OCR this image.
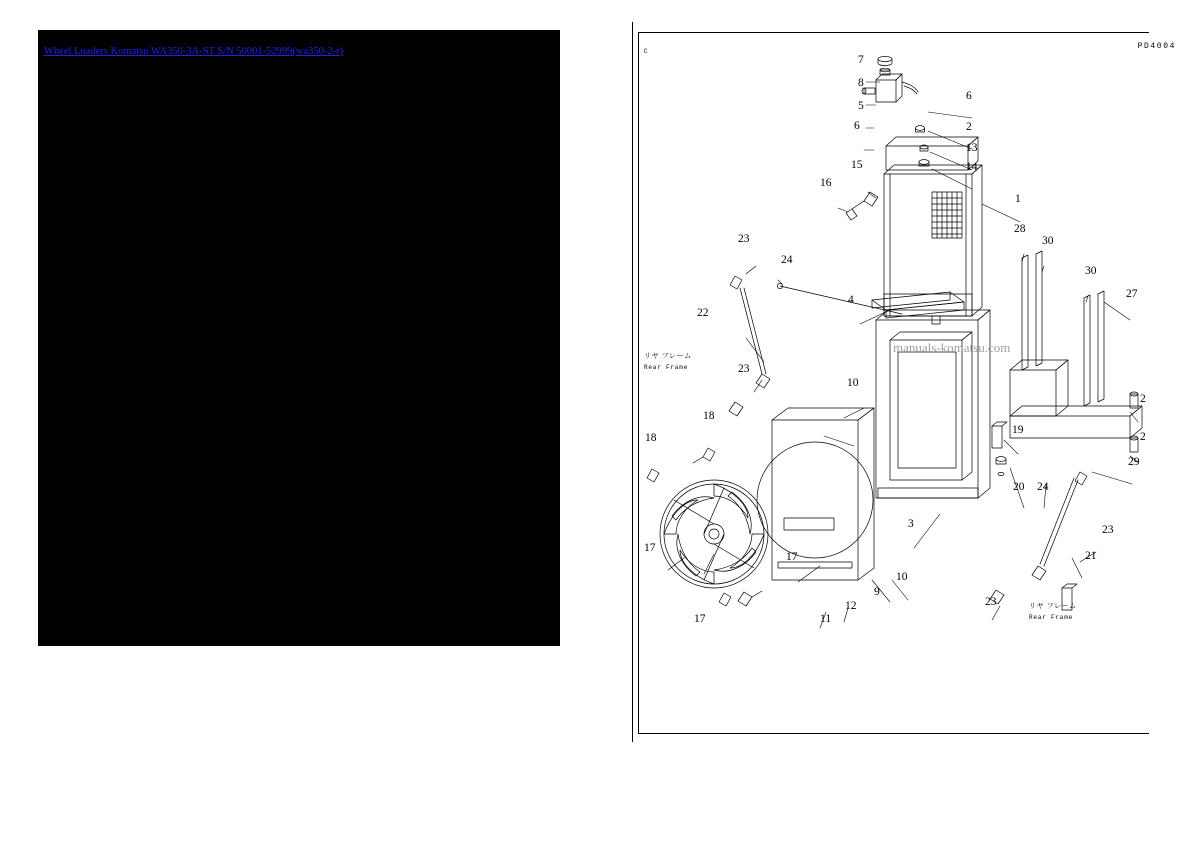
Wheel Loaders Komatsu WA350-3A-ST S/N 50001-52999(wa350-2-r)	C
PD4004
7
8
5
6
6	2
13
14
15
16
1
28
30
30
27
23
24
22
23
4
10
18
18
2
2
29
19
20 24
23
21
23
3
17
17
17
9
10
11
12
リヤ フレーム
Rear Frame
リヤ フレーム
Rear Frame
manuals-komatsu.com
